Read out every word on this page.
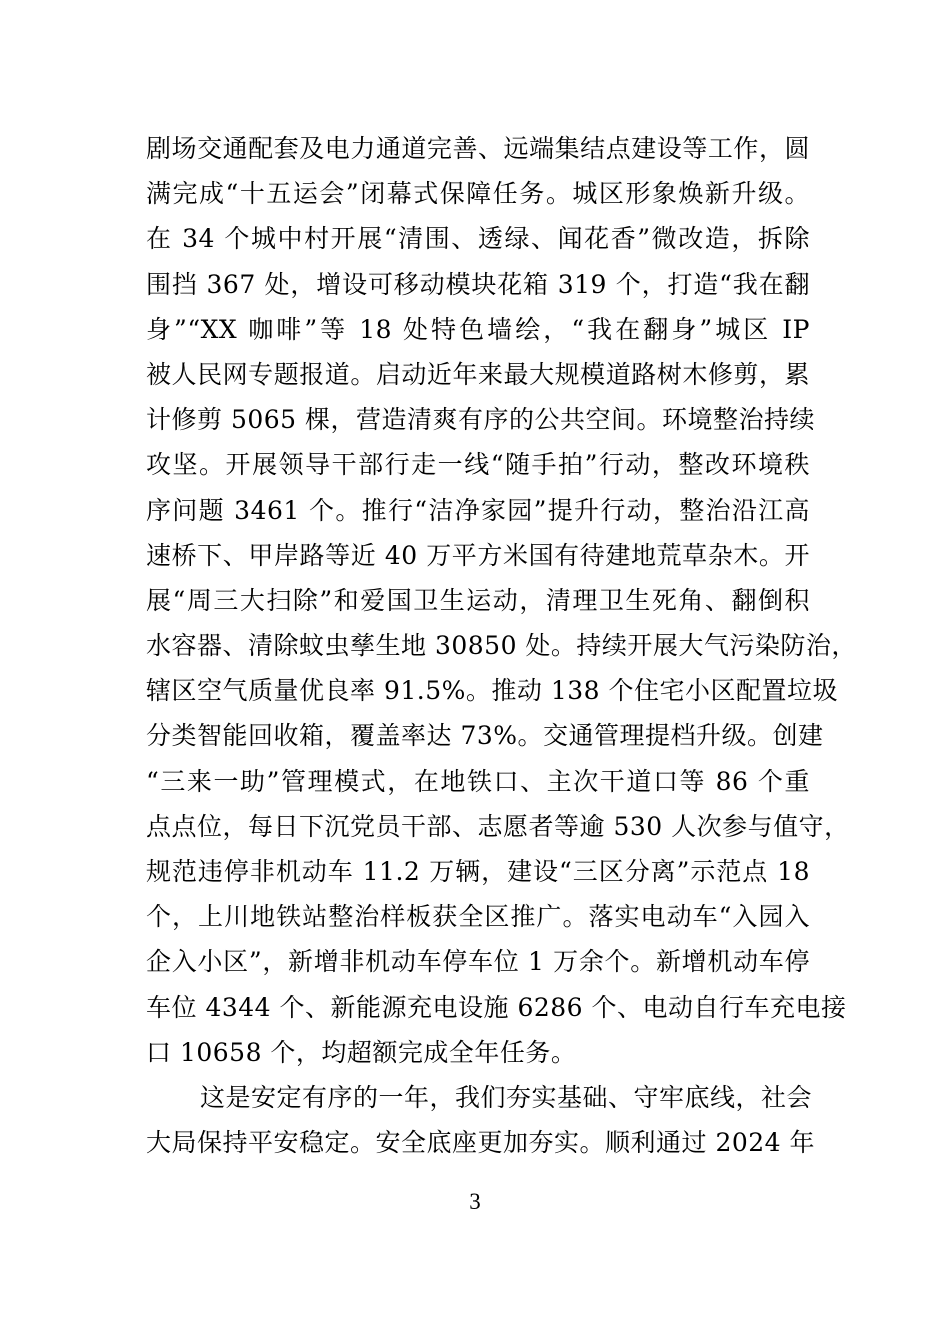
剧场交通配套及电力通道完善、远端集结点建设等工作，圆
满完成“十五运会”闭幕式保障任务。城区形象焕新升级。
在 34 个城中村开展“清围、透绿、闻花香”微改造，拆除
围挡 367 处，增设可移动模块花箱 319 个，打造“我在翻
身”“XX 咖啡”等 18 处特色墙绘，“我在翻身”城区 IP
被人民网专题报道。启动近年来最大规模道路树木修剪，累
计修剪 5065 棵，营造清爽有序的公共空间。环境整治持续
攻坚。开展领导干部行走一线“随手拍”行动，整改环境秩
序问题 3461 个。推行“洁净家园”提升行动，整治沿江高
速桥下、甲岸路等近 40 万平方米国有待建地荒草杂木。开
展“周三大扫除”和爱国卫生运动，清理卫生死角、翻倒积
水容器、清除蚊虫孳生地 30850 处。持续开展大气污染防治，
辖区空气质量优良率 91.5%。推动 138 个住宅小区配置垃圾
分类智能回收箱，覆盖率达 73%。交通管理提档升级。创建
“三来一助”管理模式，在地铁口、主次干道口等 86 个重
点点位，每日下沉党员干部、志愿者等逾 530 人次参与值守，
规范违停非机动车 11.2 万辆，建设“三区分离”示范点 18
个，上川地铁站整治样板获全区推广。落实电动车“入园入
企入小区”，新增非机动车停车位 1 万余个。新增机动车停
车位 4344 个、新能源充电设施 6286 个、电动自行车充电接
口 10658 个，均超额完成全年任务。
这是安定有序的一年，我们夯实基础、守牢底线，社会
大局保持平安稳定。安全底座更加夯实。顺利通过 2024 年
3
